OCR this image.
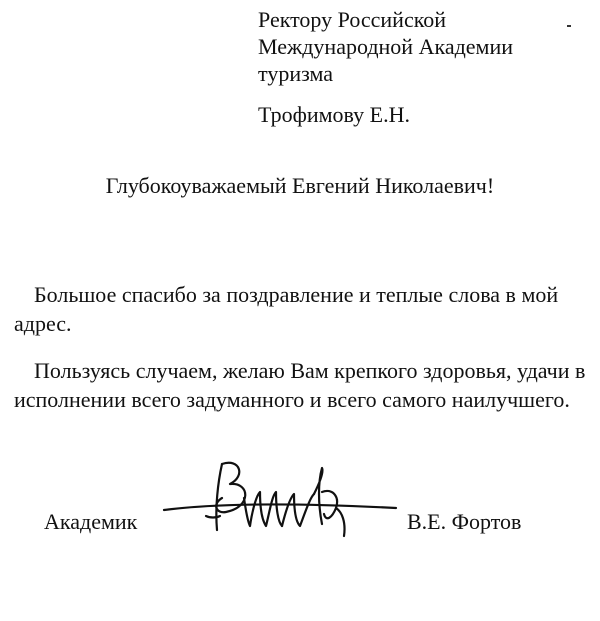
Ректору Российской
Международной Академии
туризма
Трофимову Е.Н.
Глубокоуважаемый Евгений Николаевич!
Большое спасибо за поздравление и теплые слова в мой адрес.
Пользуясь случаем, желаю Вам крепкого здоровья, удачи в исполнении всего задуманного и всего самого наилучшего.
Академик	В.Е. Фортов
